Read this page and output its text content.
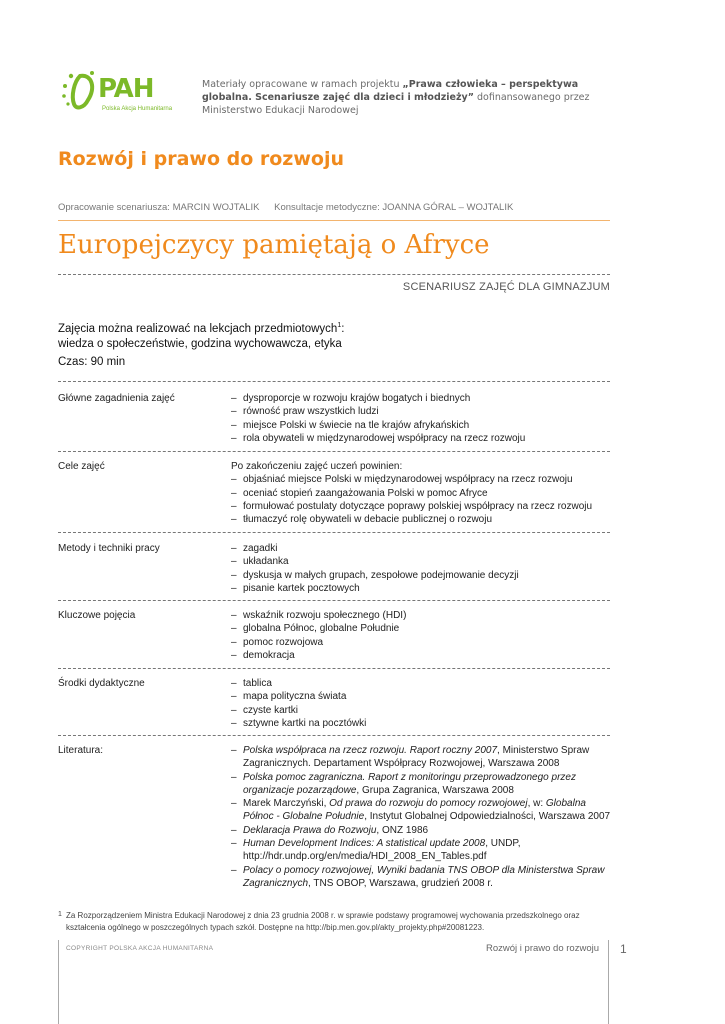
PAH
Polska Akcja Humanitarna
Materiały opracowane w ramach projektu „Prawa człowieka – perspektywa globalna. Scenariusze zajęć dla dzieci i młodzieży” dofinansowanego przez Ministerstwo Edukacji Narodowej
Rozwój i prawo do rozwoju
Opracowanie scenariusza: MARCIN WOJTALIK Konsultacje metodyczne: JOANNA GÓRAL – WOJTALIK
Europejczycy pamiętają o Afryce
SCENARIUSZ ZAJĘĆ DLA GIMNAZJUM
Zajęcia można realizować na lekcjach przedmiotowych$^1$:
wiedza o społeczeństwie, godzina wychowawcza, etyka
Czas: 90 min
Główne zagadnienia zajęć	– dysproporcje w rozwoju krajów bogatych i biednych
– równość praw wszystkich ludzi
– miejsce Polski w świecie na tle krajów afrykańskich
– rola obywateli w międzynarodowej współpracy na rzecz rozwoju
Cele zajęć	Po zakończeniu zajęć uczeń powinien:
– objaśniać miejsce Polski w międzynarodowej współpracy na rzecz rozwoju
– oceniać stopień zaangażowania Polski w pomoc Afryce
– formułować postulaty dotyczące poprawy polskiej współpracy na rzecz rozwoju
– tłumaczyć rolę obywateli w debacie publicznej o rozwoju
Metody i techniki pracy	– zagadki
– układanka
– dyskusja w małych grupach, zespołowe podejmowanie decyzji
– pisanie kartek pocztowych
Kluczowe pojęcia	– wskaźnik rozwoju społecznego (HDI)
– globalna Północ, globalne Południe
– pomoc rozwojowa
– demokracja
Środki dydaktyczne	– tablica
– mapa polityczna świata
– czyste kartki
– sztywne kartki na pocztówki
Literatura:	– Polska współpraca na rzecz rozwoju. Raport roczny 2007, Ministerstwo Spraw Zagranicznych. Departament Współpracy Rozwojowej, Warszawa 2008
– Polska pomoc zagraniczna. Raport z monitoringu przeprowadzonego przez organizacje pozarządowe, Grupa Zagranica, Warszawa 2008
– Marek Marczyński, Od prawa do rozwoju do pomocy rozwojowej, w: Globalna Północ - Globalne Południe, Instytut Globalnej Odpowiedzialności, Warszawa 2007
– Deklaracja Prawa do Rozwoju, ONZ 1986
– Human Development Indices: A statistical update 2008, UNDP, http://hdr.undp.org/en/media/HDI_2008_EN_Tables.pdf
– Polacy o pomocy rozwojowej, Wyniki badania TNS OBOP dla Ministerstwa Spraw Zagranicznych, TNS OBOP, Warszawa, grudzień 2008 r.
1 Za Rozporządzeniem Ministra Edukacji Narodowej z dnia 23 grudnia 2008 r. w sprawie podstawy programowej wychowania przedszkolnego oraz kształcenia ogólnego w poszczególnych typach szkół. Dostępne na http://bip.men.gov.pl/akty_projekty.php#20081223.
COPYRIGHT POLSKA AKCJA HUMANITARNA	Rozwój i prawo do rozwoju 1
